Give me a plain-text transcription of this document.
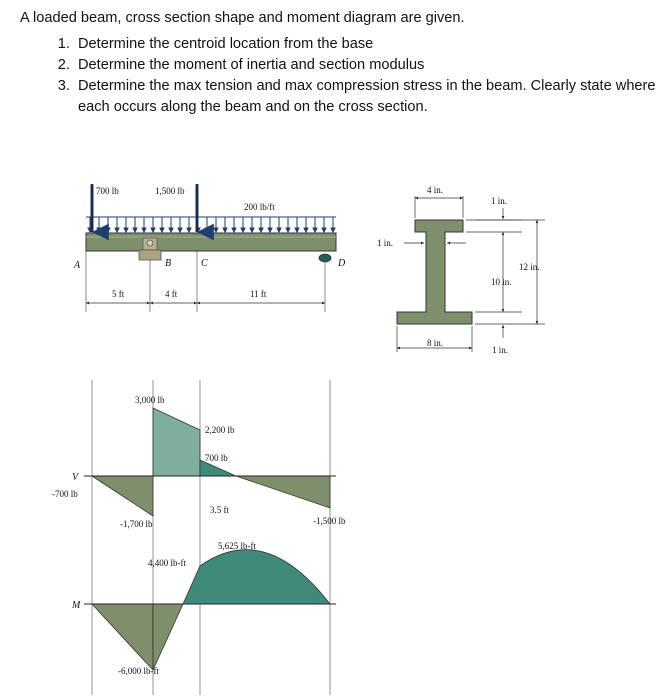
A loaded beam, cross section shape and moment diagram are given.
1. Determine the centroid location from the base
2. Determine the moment of inertia and section modulus
3. Determine the max tension and max compression stress in the beam. Clearly state where each occurs along the beam and on the cross section.
700 lb	1,500 lb
200 lb/ft
A	B	C	D
5 ft	4 ft	11 ft
4 in.
1 in.
1 in.
12 in.
10 in.
1 in.
8 in.
V
3,000 lb
2,200 lb
700 lb
3.5 ft
-700 lb
-1,700 lb	-1,500 lb
M
4,400 lb-ft
5,625 lb-ft
-6,000 lb-ft
